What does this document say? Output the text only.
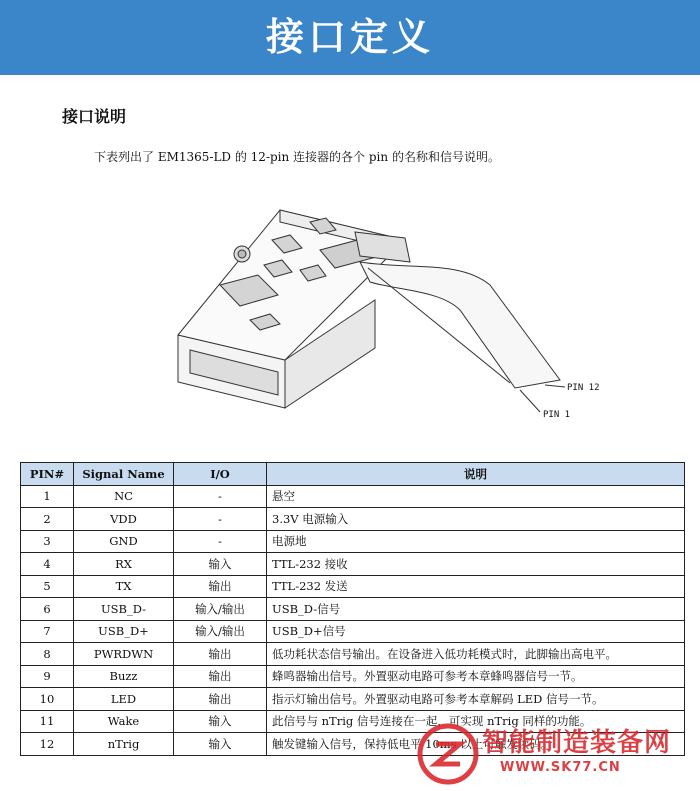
接口定义
接口说明
下表列出了 EM1365-LD 的 12-pin 连接器的各个 pin 的名称和信号说明。
PIN 12
PIN 1
PIN#	Signal Name	I/O	说明
1	NC	-	悬空
2	VDD	-	3.3V 电源输入
3	GND	-	电源地
4	RX	输入	TTL-232 接收
5	TX	输出	TTL-232 发送
6	USB_D-	输入/输出	USB_D-信号
7	USB_D+	输入/输出	USB_D+信号
8	PWRDWN	输出	低功耗状态信号输出。在设备进入低功耗模式时，此脚输出高电平。
9	Buzz	输出	蜂鸣器输出信号。外置驱动电路可参考本章蜂鸣器信号一节。
10	LED	输出	指示灯输出信号。外置驱动电路可参考本章解码 LED 信号一节。
11	Wake	输入	此信号与 nTrig 信号连接在一起，可实现 nTrig 同样的功能。
12	nTrig	输入	触发键输入信号，保持低电平 10ms 以上可触发读码。
智能制造装备网
WWW.SK77.CN
